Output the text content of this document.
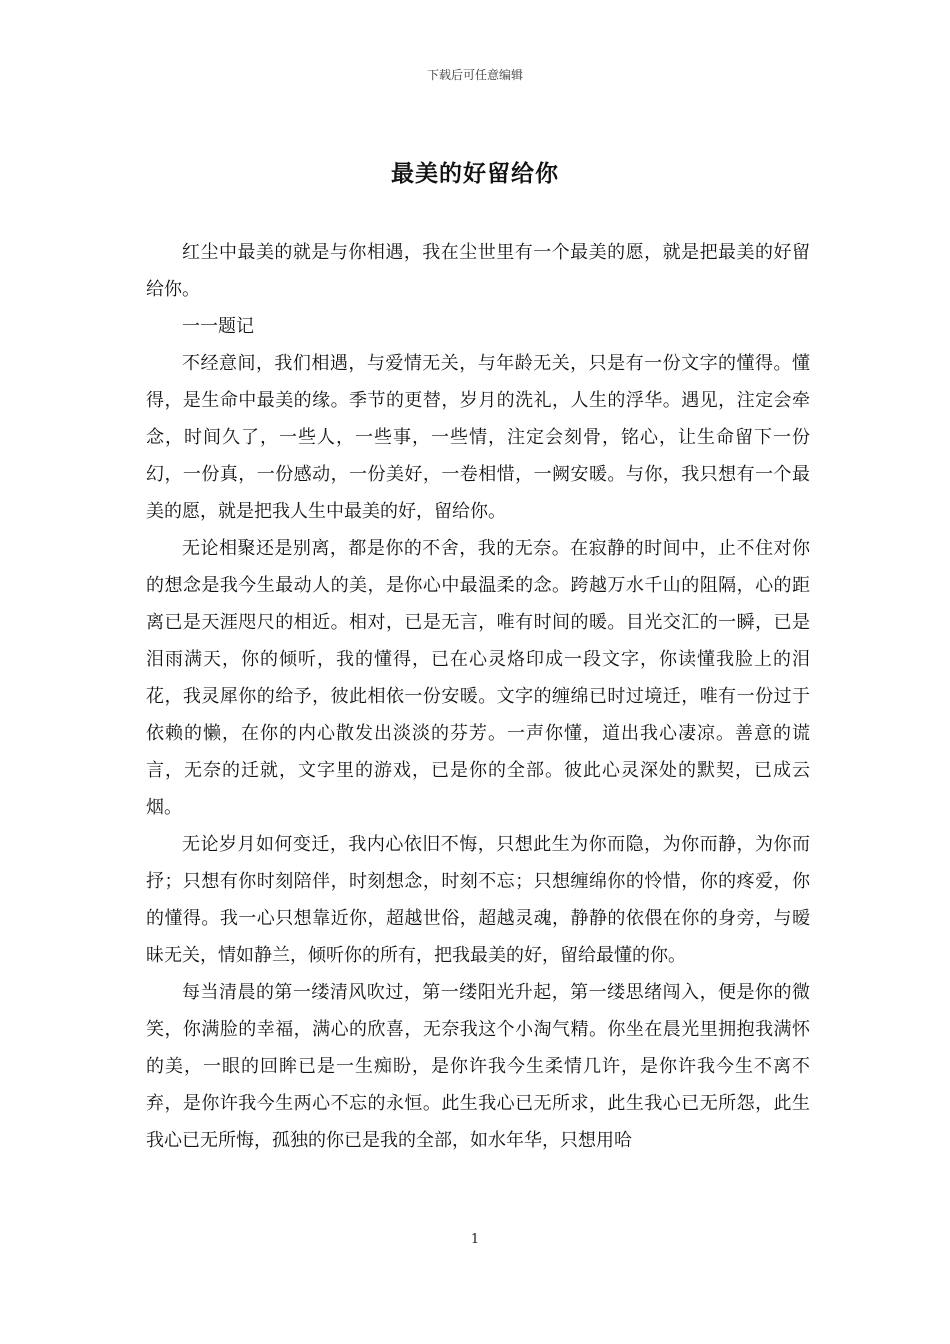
下载后可任意编辑
最美的好留给你

红尘中最美的就是与你相遇，我在尘世里有一个最美的愿，就是把最美的好留给你。

一一题记

不经意间，我们相遇，与爱情无关，与年龄无关，只是有一份文字的懂得。懂得，是生命中最美的缘。季节的更替，岁月的洗礼，人生的浮华。遇见，注定会牵念，时间久了，一些人，一些事，一些情，注定会刻骨，铭心，让生命留下一份幻，一份真，一份感动，一份美好，一卷相惜，一阙安暖。与你，我只想有一个最美的愿，就是把我人生中最美的好，留给你。

无论相聚还是别离，都是你的不舍，我的无奈。在寂静的时间中，止不住对你的想念是我今生最动人的美，是你心中最温柔的念。跨越万水千山的阻隔，心的距离已是天涯咫尺的相近。相对，已是无言，唯有时间的暖。目光交汇的一瞬，已是泪雨满天，你的倾听，我的懂得，已在心灵烙印成一段文字，你读懂我脸上的泪花，我灵犀你的给予，彼此相依一份安暖。文字的缠绵已时过境迁，唯有一份过于依赖的懒，在你的内心散发出淡淡的芬芳。一声你懂，道出我心凄凉。善意的谎言，无奈的迁就，文字里的游戏，已是你的全部。彼此心灵深处的默契，已成云烟。

无论岁月如何变迁，我内心依旧不悔，只想此生为你而隐，为你而静，为你而抒；只想有你时刻陪伴，时刻想念，时刻不忘；只想缠绵你的怜惜，你的疼爱，你的懂得。我一心只想靠近你，超越世俗，超越灵魂，静静的依偎在你的身旁，与暧昧无关，情如静兰，倾听你的所有，把我最美的好，留给最懂的你。

每当清晨的第一缕清风吹过，第一缕阳光升起，第一缕思绪闯入，便是你的微笑，你满脸的幸福，满心的欣喜，无奈我这个小淘气精。你坐在晨光里拥抱我满怀的美，一眼的回眸已是一生痴盼，是你许我今生柔情几许，是你许我今生不离不弃，是你许我今生两心不忘的永恒。此生我心已无所求，此生我心已无所怨，此生我心已无所悔，孤独的你已是我的全部，如水年华，只想用哈

1
